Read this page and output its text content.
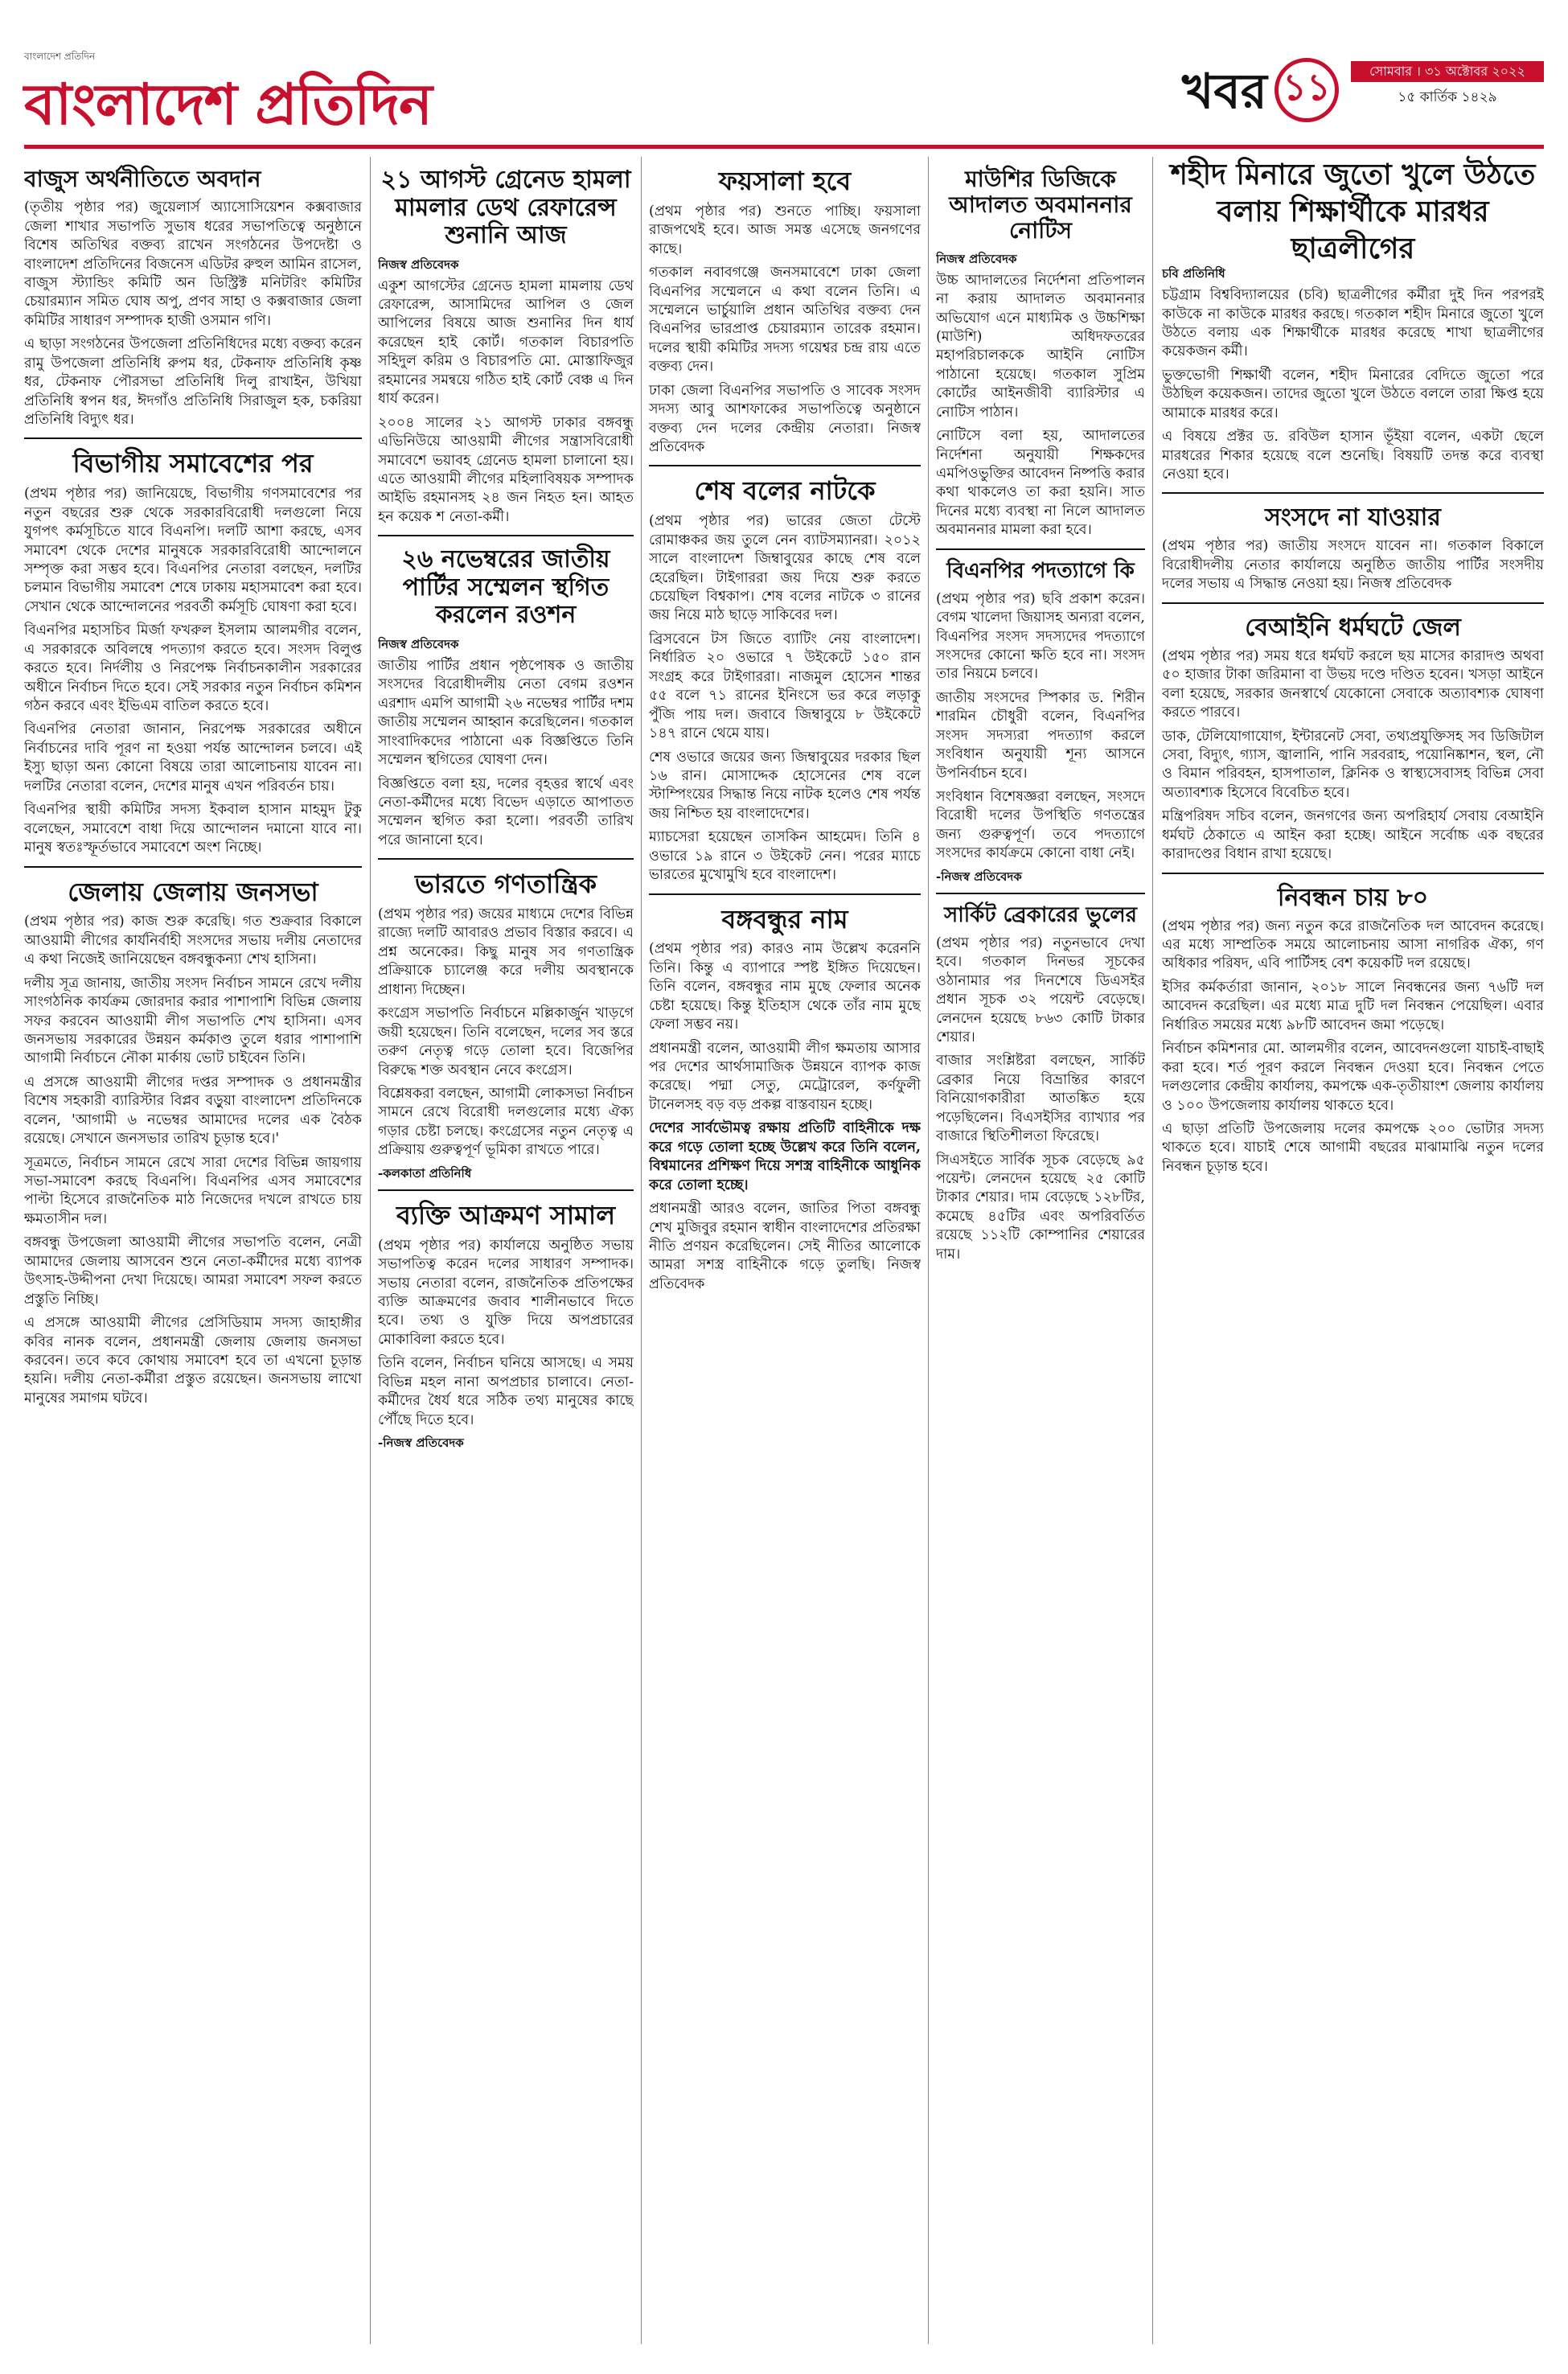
বাংলাদেশ প্রতিদিন
বাংলাদেশ প্রতিদিন	খবর ১১	সোমবার । ৩১ অক্টোবর ২০২২
১৫ কার্তিক ১৪২৯
বাজুস অর্থনীতিতে অবদান

(তৃতীয় পৃষ্ঠার পর) জুয়েলার্স অ্যাসোসিয়েশন কক্সবাজার জেলা শাখার সভাপতি সুভাষ ধরের সভাপতিত্বে অনুষ্ঠানে বিশেষ অতিথির বক্তব্য রাখেন সংগঠনের উপদেষ্টা ও বাংলাদেশ প্রতিদিনের বিজনেস এডিটর রুহুল আমিন রাসেল, বাজুস স্ট্যান্ডিং কমিটি অন ডিস্ট্রিক্ট মনিটরিং কমিটির চেয়ারম্যান সমিত ঘোষ অপু, প্রণব সাহা ও কক্সবাজার জেলা কমিটির সাধারণ সম্পাদক হাজী ওসমান গণি।

এ ছাড়া সংগঠনের উপজেলা প্রতিনিধিদের মধ্যে বক্তব্য করেন রামু উপজেলা প্রতিনিধি রুপম ধর, টেকনাফ প্রতিনিধি কৃষ্ণ ধর, টেকনাফ পৌরসভা প্রতিনিধি দিলু রাখাইন, উখিয়া প্রতিনিধি স্বপন ধর, ঈদগাঁও প্রতিনিধি সিরাজুল হক, চকরিয়া প্রতিনিধি বিদ্যুৎ ধর।

বিভাগীয় সমাবেশের পর

(প্রথম পৃষ্ঠার পর) জানিয়েছে, বিভাগীয় গণসমাবেশের পর নতুন বছরের শুরু থেকে সরকারবিরোধী দলগুলো নিয়ে যুগপৎ কর্মসূচিতে যাবে বিএনপি। দলটি আশা করছে, এসব সমাবেশ থেকে দেশের মানুষকে সরকারবিরোধী আন্দোলনে সম্পৃক্ত করা সম্ভব হবে। বিএনপির নেতারা বলছেন, দলটির চলমান বিভাগীয় সমাবেশ শেষে ঢাকায় মহাসমাবেশ করা হবে। সেখান থেকে আন্দোলনের পরবর্তী কর্মসূচি ঘোষণা করা হবে।

বিএনপির মহাসচিব মির্জা ফখরুল ইসলাম আলমগীর বলেন, এ সরকারকে অবিলম্বে পদত্যাগ করতে হবে। সংসদ বিলুপ্ত করতে হবে। নির্দলীয় ও নিরপেক্ষ নির্বাচনকালীন সরকারের অধীনে নির্বাচন দিতে হবে। সেই সরকার নতুন নির্বাচন কমিশন গঠন করবে এবং ইভিএম বাতিল করতে হবে।

বিএনপির নেতারা জানান, নিরপেক্ষ সরকারের অধীনে নির্বাচনের দাবি পূরণ না হওয়া পর্যন্ত আন্দোলন চলবে। এই ইস্যু ছাড়া অন্য কোনো বিষয়ে তারা আলোচনায় যাবেন না। দলটির নেতারা বলেন, দেশের মানুষ এখন পরিবর্তন চায়।

বিএনপির স্থায়ী কমিটির সদস্য ইকবাল হাসান মাহমুদ টুকু বলেছেন, সমাবেশে বাধা দিয়ে আন্দোলন দমানো যাবে না। মানুষ স্বতঃস্ফূর্তভাবে সমাবেশে অংশ নিচ্ছে।

জেলায় জেলায় জনসভা

(প্রথম পৃষ্ঠার পর) কাজ শুরু করেছি। গত শুক্রবার বিকালে আওয়ামী লীগের কার্যনির্বাহী সংসদের সভায় দলীয় নেতাদের এ কথা নিজেই জানিয়েছেন বঙ্গবন্ধুকন্যা শেখ হাসিনা।

দলীয় সূত্র জানায়, জাতীয় সংসদ নির্বাচন সামনে রেখে দলীয় সাংগঠনিক কার্যক্রম জোরদার করার পাশাপাশি বিভিন্ন জেলায় সফর করবেন আওয়ামী লীগ সভাপতি শেখ হাসিনা। এসব জনসভায় সরকারের উন্নয়ন কর্মকাণ্ড তুলে ধরার পাশাপাশি আগামী নির্বাচনে নৌকা মার্কায় ভোট চাইবেন তিনি।

এ প্রসঙ্গে আওয়ামী লীগের দপ্তর সম্পাদক ও প্রধানমন্ত্রীর বিশেষ সহকারী ব্যারিস্টার বিপ্লব বড়ুয়া বাংলাদেশ প্রতিদিনকে বলেন, 'আগামী ৬ নভেম্বর আমাদের দলের এক বৈঠক রয়েছে। সেখানে জনসভার তারিখ চূড়ান্ত হবে।'

সূত্রমতে, নির্বাচন সামনে রেখে সারা দেশের বিভিন্ন জায়গায় সভা-সমাবেশ করছে বিএনপি। বিএনপির এসব সমাবেশের পাল্টা হিসেবে রাজনৈতিক মাঠ নিজেদের দখলে রাখতে চায় ক্ষমতাসীন দল।

বঙ্গবন্ধু উপজেলা আওয়ামী লীগের সভাপতি বলেন, নেত্রী আমাদের জেলায় আসবেন শুনে নেতা-কর্মীদের মধ্যে ব্যাপক উৎসাহ-উদ্দীপনা দেখা দিয়েছে। আমরা সমাবেশ সফল করতে প্রস্তুতি নিচ্ছি।

এ প্রসঙ্গে আওয়ামী লীগের প্রেসিডিয়াম সদস্য জাহাঙ্গীর কবির নানক বলেন, প্রধানমন্ত্রী জেলায় জেলায় জনসভা করবেন। তবে কবে কোথায় সমাবেশ হবে তা এখনো চূড়ান্ত হয়নি। দলীয় নেতা-কর্মীরা প্রস্তুত রয়েছেন। জনসভায় লাখো মানুষের সমাগম ঘটবে।

২১ আগস্ট গ্রেনেড হামলা মামলার ডেথ রেফারেন্স শুনানি আজ
নিজস্ব প্রতিবেদক

একুশ আগস্টের গ্রেনেড হামলা মামলায় ডেথ রেফারেন্স, আসামিদের আপিল ও জেল আপিলের বিষয়ে আজ শুনানির দিন ধার্য করেছেন হাই কোর্ট। গতকাল বিচারপতি সহিদুল করিম ও বিচারপতি মো. মোস্তাফিজুর রহমানের সমন্বয়ে গঠিত হাই কোর্ট বেঞ্চ এ দিন ধার্য করেন।

২০০৪ সালের ২১ আগস্ট ঢাকার বঙ্গবন্ধু এভিনিউয়ে আওয়ামী লীগের সন্ত্রাসবিরোধী সমাবেশে ভয়াবহ গ্রেনেড হামলা চালানো হয়। এতে আওয়ামী লীগের মহিলাবিষয়ক সম্পাদক আইভি রহমানসহ ২৪ জন নিহত হন। আহত হন কয়েক শ নেতা-কর্মী।

২৬ নভেম্বরের জাতীয় পার্টির সম্মেলন স্থগিত করলেন রওশন
নিজস্ব প্রতিবেদক

জাতীয় পার্টির প্রধান পৃষ্ঠপোষক ও জাতীয় সংসদের বিরোধীদলীয় নেতা বেগম রওশন এরশাদ এমপি আগামী ২৬ নভেম্বর পার্টির দশম জাতীয় সম্মেলন আহ্বান করেছিলেন। গতকাল সাংবাদিকদের পাঠানো এক বিজ্ঞপ্তিতে তিনি সম্মেলন স্থগিতের ঘোষণা দেন।

বিজ্ঞপ্তিতে বলা হয়, দলের বৃহত্তর স্বার্থে এবং নেতা-কর্মীদের মধ্যে বিভেদ এড়াতে আপাতত সম্মেলন স্থগিত করা হলো। পরবর্তী তারিখ পরে জানানো হবে।

ভারতে গণতান্ত্রিক

(প্রথম পৃষ্ঠার পর) জয়ের মাধ্যমে দেশের বিভিন্ন রাজ্যে দলটি আবারও প্রভাব বিস্তার করবে। এ প্রশ্ন অনেকের। কিছু মানুষ সব গণতান্ত্রিক প্রক্রিয়াকে চ্যালেঞ্জ করে দলীয় অবস্থানকে প্রাধান্য দিচ্ছেন।

কংগ্রেস সভাপতি নির্বাচনে মল্লিকার্জুন খাড়গে জয়ী হয়েছেন। তিনি বলেছেন, দলের সব স্তরে তরুণ নেতৃত্ব গড়ে তোলা হবে। বিজেপির বিরুদ্ধে শক্ত অবস্থান নেবে কংগ্রেস।

বিশ্লেষকরা বলছেন, আগামী লোকসভা নির্বাচন সামনে রেখে বিরোধী দলগুলোর মধ্যে ঐক্য গড়ার চেষ্টা চলছে। কংগ্রেসের নতুন নেতৃত্ব এ প্রক্রিয়ায় গুরুত্বপূর্ণ ভূমিকা রাখতে পারে।

-কলকাতা প্রতিনিধি
ব্যক্তি আক্রমণ সামাল

(প্রথম পৃষ্ঠার পর) কার্যালয়ে অনুষ্ঠিত সভায় সভাপতিত্ব করেন দলের সাধারণ সম্পাদক। সভায় নেতারা বলেন, রাজনৈতিক প্রতিপক্ষের ব্যক্তি আক্রমণের জবাব শালীনভাবে দিতে হবে। তথ্য ও যুক্তি দিয়ে অপপ্রচারের মোকাবিলা করতে হবে।

তিনি বলেন, নির্বাচন ঘনিয়ে আসছে। এ সময় বিভিন্ন মহল নানা অপপ্রচার চালাবে। নেতা-কর্মীদের ধৈর্য ধরে সঠিক তথ্য মানুষের কাছে পৌঁছে দিতে হবে।

-নিজস্ব প্রতিবেদক
ফয়সালা হবে

(প্রথম পৃষ্ঠার পর) শুনতে পাচ্ছি। ফয়সালা রাজপথেই হবে। আজ সমস্ত এসেছে জনগণের কাছে।

গতকাল নবাবগঞ্জে জনসমাবেশে ঢাকা জেলা বিএনপির সম্মেলনে এ কথা বলেন তিনি। এ সম্মেলনে ভার্চুয়ালি প্রধান অতিথির বক্তব্য দেন বিএনপির ভারপ্রাপ্ত চেয়ারম্যান তারেক রহমান। দলের স্থায়ী কমিটির সদস্য গয়েশ্বর চন্দ্র রায় এতে বক্তব্য দেন।

ঢাকা জেলা বিএনপির সভাপতি ও সাবেক সংসদ সদস্য আবু আশফাকের সভাপতিত্বে অনুষ্ঠানে বক্তব্য দেন দলের কেন্দ্রীয় নেতারা। নিজস্ব প্রতিবেদক

শেষ বলের নাটকে

(প্রথম পৃষ্ঠার পর) ভারের জেতা টেস্টে রোমাঞ্চকর জয় তুলে নেন ব্যাটসম্যানরা। ২০১২ সালে বাংলাদেশ জিম্বাবুয়ের কাছে শেষ বলে হেরেছিল। টাইগাররা জয় দিয়ে শুরু করতে চেয়েছিল বিশ্বকাপ। শেষ বলের নাটকে ৩ রানের জয় নিয়ে মাঠ ছাড়ে সাকিবের দল।

ব্রিসবেনে টস জিতে ব্যাটিং নেয় বাংলাদেশ। নির্ধারিত ২০ ওভারে ৭ উইকেটে ১৫০ রান সংগ্রহ করে টাইগাররা। নাজমুল হোসেন শান্তর ৫৫ বলে ৭১ রানের ইনিংসে ভর করে লড়াকু পুঁজি পায় দল। জবাবে জিম্বাবুয়ে ৮ উইকেটে ১৪৭ রানে থেমে যায়।

শেষ ওভারে জয়ের জন্য জিম্বাবুয়ের দরকার ছিল ১৬ রান। মোসাদ্দেক হোসেনের শেষ বলে স্টাম্পিংয়ের সিদ্ধান্ত নিয়ে নাটক হলেও শেষ পর্যন্ত জয় নিশ্চিত হয় বাংলাদেশের।

ম্যাচসেরা হয়েছেন তাসকিন আহমেদ। তিনি ৪ ওভারে ১৯ রানে ৩ উইকেট নেন। পরের ম্যাচে ভারতের মুখোমুখি হবে বাংলাদেশ।

বঙ্গবন্ধুর নাম

(প্রথম পৃষ্ঠার পর) কারও নাম উল্লেখ করেননি তিনি। কিন্তু এ ব্যাপারে স্পষ্ট ইঙ্গিত দিয়েছেন। তিনি বলেন, বঙ্গবন্ধুর নাম মুছে ফেলার অনেক চেষ্টা হয়েছে। কিন্তু ইতিহাস থেকে তাঁর নাম মুছে ফেলা সম্ভব নয়।

প্রধানমন্ত্রী বলেন, আওয়ামী লীগ ক্ষমতায় আসার পর দেশের আর্থসামাজিক উন্নয়নে ব্যাপক কাজ করেছে। পদ্মা সেতু, মেট্রোরেল, কর্ণফুলী টানেলসহ বড় বড় প্রকল্প বাস্তবায়ন হচ্ছে।

দেশের সার্বভৌমত্ব রক্ষায় প্রতিটি বাহিনীকে দক্ষ করে গড়ে তোলা হচ্ছে উল্লেখ করে তিনি বলেন, বিশ্বমানের প্রশিক্ষণ দিয়ে সশস্ত্র বাহিনীকে আধুনিক করে তোলা হচ্ছে।

প্রধানমন্ত্রী আরও বলেন, জাতির পিতা বঙ্গবন্ধু শেখ মুজিবুর রহমান স্বাধীন বাংলাদেশের প্রতিরক্ষা নীতি প্রণয়ন করেছিলেন। সেই নীতির আলোকে আমরা সশস্ত্র বাহিনীকে গড়ে তুলছি। নিজস্ব প্রতিবেদক

মাউশির ডিজিকে আদালত অবমাননার নোটিস
নিজস্ব প্রতিবেদক

উচ্চ আদালতের নির্দেশনা প্রতিপালন না করায় আদালত অবমাননার অভিযোগ এনে মাধ্যমিক ও উচ্চশিক্ষা (মাউশি) অধিদফতরের মহাপরিচালককে আইনি নোটিস পাঠানো হয়েছে। গতকাল সুপ্রিম কোর্টের আইনজীবী ব্যারিস্টার এ নোটিস পাঠান।

নোটিসে বলা হয়, আদালতের নির্দেশনা অনুযায়ী শিক্ষকদের এমপিওভুক্তির আবেদন নিষ্পত্তি করার কথা থাকলেও তা করা হয়নি। সাত দিনের মধ্যে ব্যবস্থা না নিলে আদালত অবমাননার মামলা করা হবে।

বিএনপির পদত্যাগে কি

(প্রথম পৃষ্ঠার পর) ছবি প্রকাশ করেন। বেগম খালেদা জিয়াসহ অন্যরা বলেন, বিএনপির সংসদ সদস্যদের পদত্যাগে সংসদের কোনো ক্ষতি হবে না। সংসদ তার নিয়মে চলবে।

জাতীয় সংসদের স্পিকার ড. শিরীন শারমিন চৌধুরী বলেন, বিএনপির সংসদ সদস্যরা পদত্যাগ করলে সংবিধান অনুযায়ী শূন্য আসনে উপনির্বাচন হবে।

সংবিধান বিশেষজ্ঞরা বলছেন, সংসদে বিরোধী দলের উপস্থিতি গণতন্ত্রের জন্য গুরুত্বপূর্ণ। তবে পদত্যাগে সংসদের কার্যক্রমে কোনো বাধা নেই।

-নিজস্ব প্রতিবেদক
সার্কিট ব্রেকারের ভুলের

(প্রথম পৃষ্ঠার পর) নতুনভাবে দেখা হবে। গতকাল দিনভর সূচকের ওঠানামার পর দিনশেষে ডিএসইর প্রধান সূচক ৩২ পয়েন্ট বেড়েছে। লেনদেন হয়েছে ৮৬৩ কোটি টাকার শেয়ার।

বাজার সংশ্লিষ্টরা বলছেন, সার্কিট ব্রেকার নিয়ে বিভ্রান্তির কারণে বিনিয়োগকারীরা আতঙ্কিত হয়ে পড়েছিলেন। বিএসইসির ব্যাখ্যার পর বাজারে স্থিতিশীলতা ফিরেছে।

সিএসইতে সার্বিক সূচক বেড়েছে ৯৫ পয়েন্ট। লেনদেন হয়েছে ২৫ কোটি টাকার শেয়ার। দাম বেড়েছে ১২৮টির, কমেছে ৪৫টির এবং অপরিবর্তিত রয়েছে ১১২টি কোম্পানির শেয়ারের দাম।

শহীদ মিনারে জুতো খুলে উঠতে বলায় শিক্ষার্থীকে মারধর ছাত্রলীগের
চবি প্রতিনিধি

চট্টগ্রাম বিশ্ববিদ্যালয়ের (চবি) ছাত্রলীগের কর্মীরা দুই দিন পরপরই কাউকে না কাউকে মারধর করছে। গতকাল শহীদ মিনারে জুতো খুলে উঠতে বলায় এক শিক্ষার্থীকে মারধর করেছে শাখা ছাত্রলীগের কয়েকজন কর্মী।

ভুক্তভোগী শিক্ষার্থী বলেন, শহীদ মিনারের বেদিতে জুতো পরে উঠছিল কয়েকজন। তাদের জুতো খুলে উঠতে বললে তারা ক্ষিপ্ত হয়ে আমাকে মারধর করে।

এ বিষয়ে প্রক্টর ড. রবিউল হাসান ভূঁইয়া বলেন, একটা ছেলে মারধরের শিকার হয়েছে বলে শুনেছি। বিষয়টি তদন্ত করে ব্যবস্থা নেওয়া হবে।

সংসদে না যাওয়ার

(প্রথম পৃষ্ঠার পর) জাতীয় সংসদে যাবেন না। গতকাল বিকালে বিরোধীদলীয় নেতার কার্যালয়ে অনুষ্ঠিত জাতীয় পার্টির সংসদীয় দলের সভায় এ সিদ্ধান্ত নেওয়া হয়। নিজস্ব প্রতিবেদক

বেআইনি ধর্মঘটে জেল

(প্রথম পৃষ্ঠার পর) সময় ধরে ধর্মঘট করলে ছয় মাসের কারাদণ্ড অথবা ৫০ হাজার টাকা জরিমানা বা উভয় দণ্ডে দণ্ডিত হবেন। খসড়া আইনে বলা হয়েছে, সরকার জনস্বার্থে যেকোনো সেবাকে অত্যাবশ্যক ঘোষণা করতে পারবে।

ডাক, টেলিযোগাযোগ, ইন্টারনেট সেবা, তথ্যপ্রযুক্তিসহ সব ডিজিটাল সেবা, বিদ্যুৎ, গ্যাস, জ্বালানি, পানি সরবরাহ, পয়োনিষ্কাশন, স্থল, নৌ ও বিমান পরিবহন, হাসপাতাল, ক্লিনিক ও স্বাস্থ্যসেবাসহ বিভিন্ন সেবা অত্যাবশ্যক হিসেবে বিবেচিত হবে।

মন্ত্রিপরিষদ সচিব বলেন, জনগণের জন্য অপরিহার্য সেবায় বেআইনি ধর্মঘট ঠেকাতে এ আইন করা হচ্ছে। আইনে সর্বোচ্চ এক বছরের কারাদণ্ডের বিধান রাখা হয়েছে।

নিবন্ধন চায় ৮০

(প্রথম পৃষ্ঠার পর) জন্য নতুন করে রাজনৈতিক দল আবেদন করেছে। এর মধ্যে সাম্প্রতিক সময়ে আলোচনায় আসা নাগরিক ঐক্য, গণ অধিকার পরিষদ, এবি পার্টিসহ বেশ কয়েকটি দল রয়েছে।

ইসির কর্মকর্তারা জানান, ২০১৮ সালে নিবন্ধনের জন্য ৭৬টি দল আবেদন করেছিল। এর মধ্যে মাত্র দুটি দল নিবন্ধন পেয়েছিল। এবার নির্ধারিত সময়ের মধ্যে ৯৮টি আবেদন জমা পড়েছে।

নির্বাচন কমিশনার মো. আলমগীর বলেন, আবেদনগুলো যাচাই-বাছাই করা হবে। শর্ত পূরণ করলে নিবন্ধন দেওয়া হবে। নিবন্ধন পেতে দলগুলোর কেন্দ্রীয় কার্যালয়, কমপক্ষে এক-তৃতীয়াংশ জেলায় কার্যালয় ও ১০০ উপজেলায় কার্যালয় থাকতে হবে।

এ ছাড়া প্রতিটি উপজেলায় দলের কমপক্ষে ২০০ ভোটার সদস্য থাকতে হবে। যাচাই শেষে আগামী বছরের মাঝামাঝি নতুন দলের নিবন্ধন চূড়ান্ত হবে।
